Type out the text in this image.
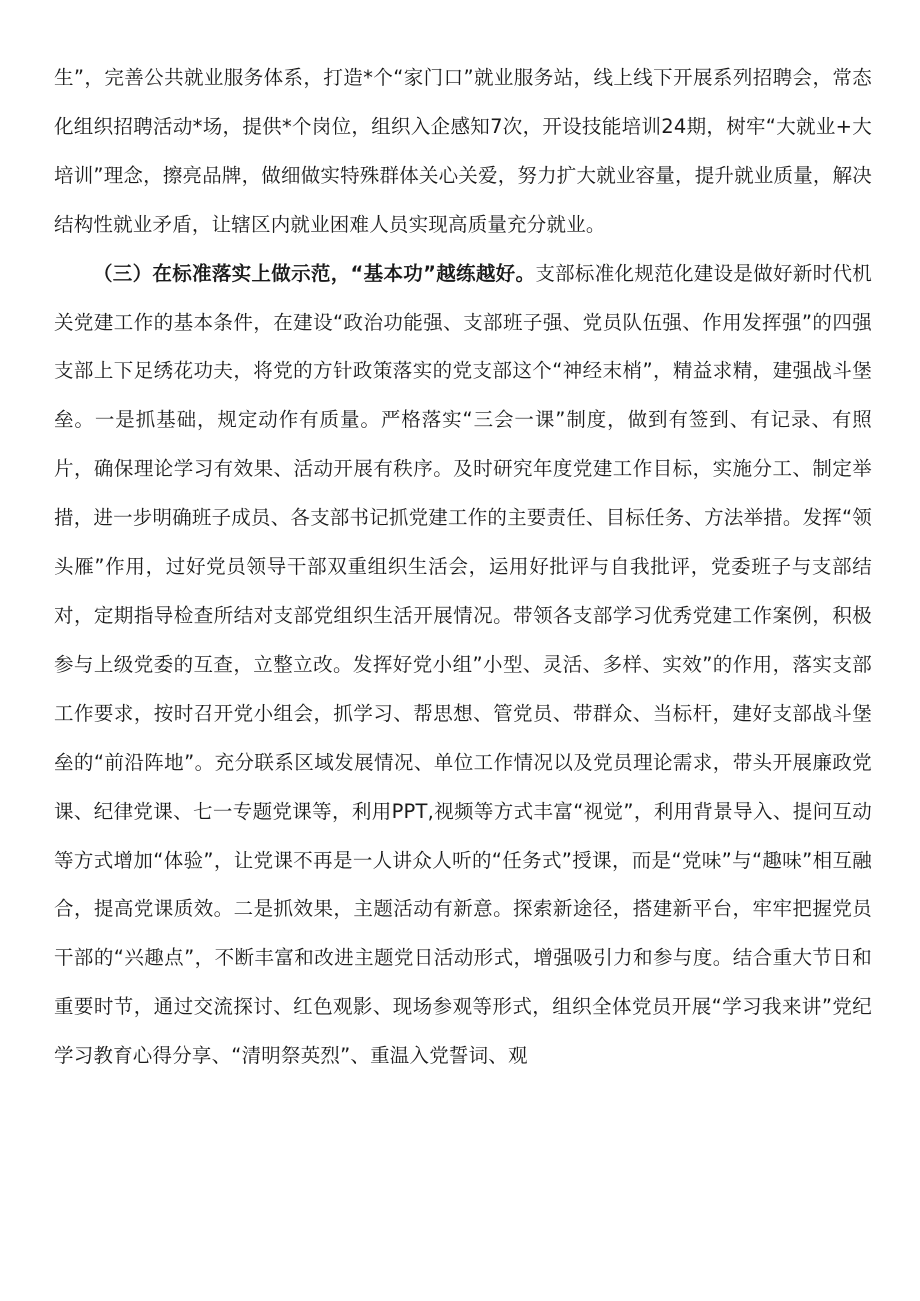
生”，完善公共就业服务体系，打造*个“家门口”就业服务站，线上线下开展系列招聘会，常态化组织招聘活动*场，提供*个岗位，组织入企感知7次，开设技能培训24期，树牢“大就业+大培训”理念，擦亮品牌，做细做实特殊群体关心关爱，努力扩大就业容量，提升就业质量，解决结构性就业矛盾，让辖区内就业困难人员实现高质量充分就业。

（三）在标准落实上做示范，“基本功”越练越好。支部标准化规范化建设是做好新时代机关党建工作的基本条件，在建设“政治功能强、支部班子强、党员队伍强、作用发挥强”的四强支部上下足绣花功夫，将党的方针政策落实的党支部这个“神经末梢”，精益求精，建强战斗堡垒。一是抓基础，规定动作有质量。严格落实“三会一课”制度，做到有签到、有记录、有照片，确保理论学习有效果、活动开展有秩序。及时研究年度党建工作目标，实施分工、制定举措，进一步明确班子成员、各支部书记抓党建工作的主要责任、目标任务、方法举措。发挥“领头雁”作用，过好党员领导干部双重组织生活会，运用好批评与自我批评，党委班子与支部结对，定期指导检查所结对支部党组织生活开展情况。带领各支部学习优秀党建工作案例，积极参与上级党委的互查，立整立改。发挥好党小组”小型、灵活、多样、实效”的作用，落实支部工作要求，按时召开党小组会，抓学习、帮思想、管党员、带群众、当标杆，建好支部战斗堡垒的“前沿阵地”。充分联系区域发展情况、单位工作情况以及党员理论需求，带头开展廉政党课、纪律党课、七一专题党课等，利用PPT,视频等方式丰富“视觉”，利用背景导入、提问互动等方式增加“体验”，让党课不再是一人讲众人听的“任务式”授课，而是“党味”与“趣味”相互融合，提高党课质效。二是抓效果，主题活动有新意。探索新途径，搭建新平台，牢牢把握党员干部的“兴趣点”，不断丰富和改进主题党日活动形式，增强吸引力和参与度。结合重大节日和重要时节，通过交流探讨、红色观影、现场参观等形式，组织全体党员开展“学习我来讲”党纪学习教育心得分享、“清明祭英烈”、重温入党誓词、观
